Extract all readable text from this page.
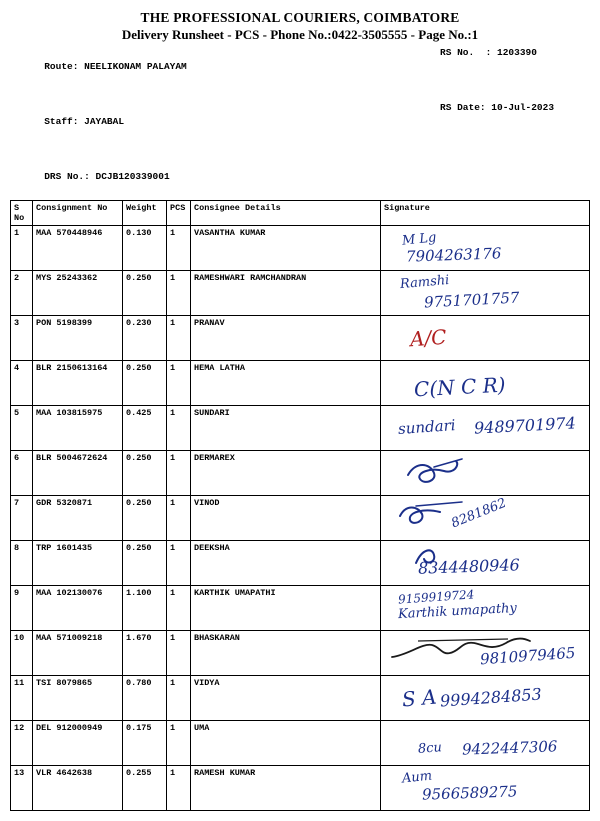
THE PROFESSIONAL COURIERS, COIMBATORE
Delivery Runsheet - PCS - Phone No.:0422-3505555 - Page No.:1

Route: NEELIKONAM PALAYAM

RS No.  : 1203390

Staff: JAYABAL

RS Date: 10-Jul-2023

DRS No.: DCJB120339001

S No	Consignment No	Weight	PCS	Consignee Details	Signature
1	MAA 570448946	0.130	1	VASANTHA KUMAR	M Lg
7904263176

2	MYS 25243362	0.250	1	RAMESHWARI RAMCHANDRAN	Ramshi
9751701757

3	PON 5198399	0.230	1	PRANAV	A/C

4	BLR 2150613164	0.250	1	HEMA LATHA	C(N C R)

5	MAA 103815975	0.425	1	SUNDARI	sundari 9489701974

6	BLR 5004672624	0.250	1	DERMAREX	

7	GDR 5320871	0.250	1	VINOD	8281862

8	TRP 1601435	0.250	1	DEEKSHA	8344480946

9	MAA 102130076	1.100	1	KARTHIK UMAPATHI	9159919724
Karthik umapathy

10	MAA 571009218	1.670	1	BHASKARAN	9810979465

11	TSI 8079865	0.780	1	VIDYA	S A 9994284853

12	DEL 912000949	0.175	1	UMA	8cu 9422447306

13	VLR 4642638	0.255	1	RAMESH KUMAR	Aum
9566589275
